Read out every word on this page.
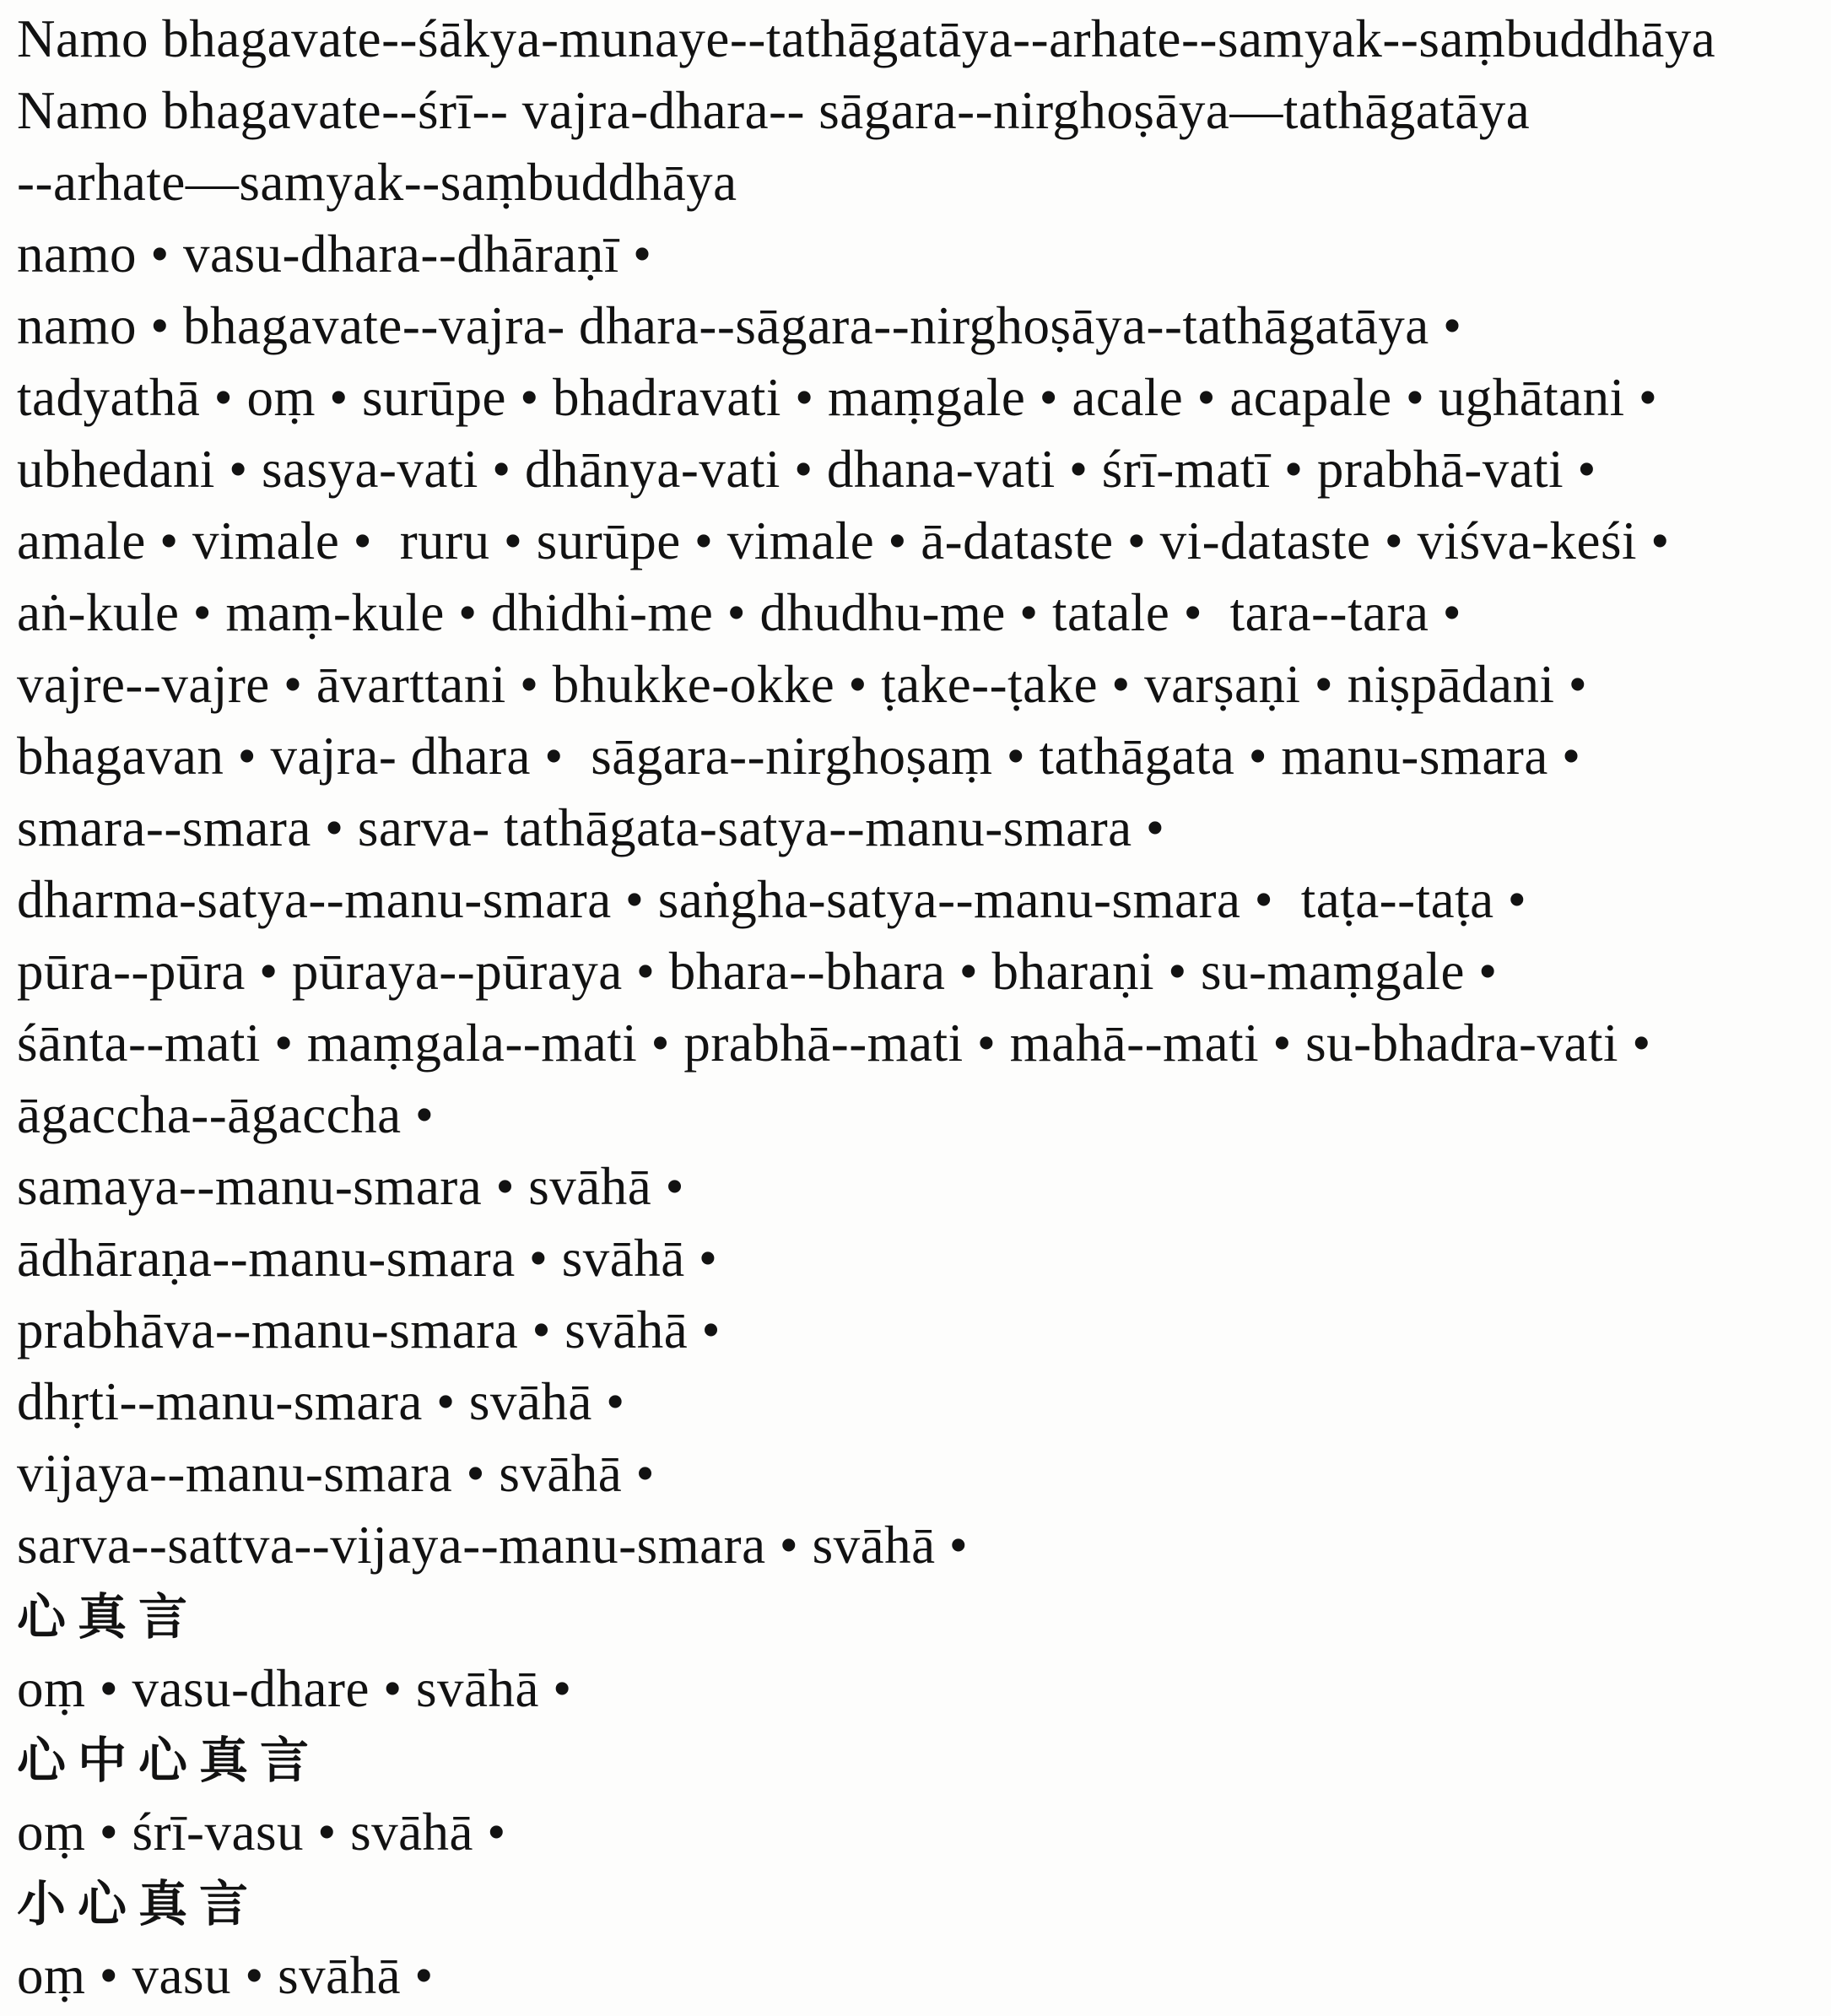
Namo bhagavate--śākya-munaye--tathāgatāya--arhate--samyak--saṃbuddhāya
Namo bhagavate--śrī-- vajra-dhara-- sāgara--nirghoṣāya—tathāgatāya
--arhate—samyak--saṃbuddhāya
namo • vasu-dhara--dhāraṇī •
namo • bhagavate--vajra- dhara--sāgara--nirghoṣāya--tathāgatāya •
tadyathā • oṃ • surūpe • bhadravati • maṃgale • acale • acapale • ughātani •
ubhedani • sasya-vati • dhānya-vati • dhana-vati • śrī-matī • prabhā-vati •
amale • vimale •  ruru • surūpe • vimale • ā-dataste • vi-dataste • viśva-keśi •
aṅ-kule • maṃ-kule • dhidhi-me • dhudhu-me • tatale •  tara--tara •
vajre--vajre • āvarttani • bhukke-okke • ṭake--ṭake • varṣaṇi • niṣpādani •
bhagavan • vajra- dhara •  sāgara--nirghoṣaṃ • tathāgata • manu-smara •
smara--smara • sarva- tathāgata-satya--manu-smara •
dharma-satya--manu-smara • saṅgha-satya--manu-smara •  taṭa--taṭa •
pūra--pūra • pūraya--pūraya • bhara--bhara • bharaṇi • su-maṃgale •
śānta--mati • maṃgala--mati • prabhā--mati • mahā--mati • su-bhadra-vati •
āgaccha--āgaccha •
samaya--manu-smara • svāhā •
ādhāraṇa--manu-smara • svāhā •
prabhāva--manu-smara • svāhā •
dhṛti--manu-smara • svāhā •
vijaya--manu-smara • svāhā •
sarva--sattva--vijaya--manu-smara • svāhā •
心真言
oṃ • vasu-dhare • svāhā •
心中心真言
oṃ • śrī-vasu • svāhā •
小心真言
oṃ • vasu • svāhā •
